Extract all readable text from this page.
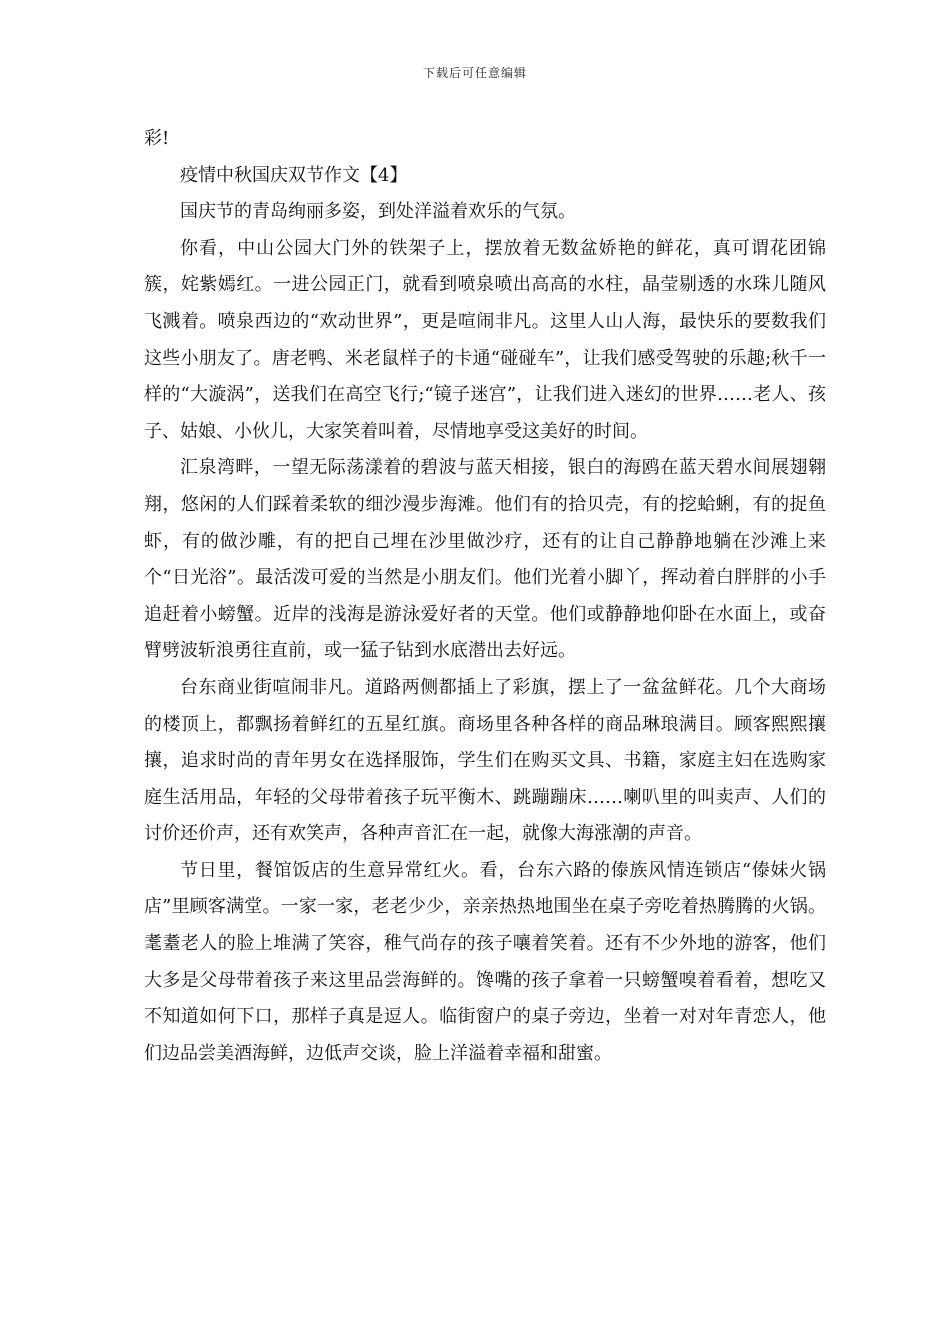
下载后可任意编辑

彩!

疫情中秋国庆双节作文【4】

国庆节的青岛绚丽多姿，到处洋溢着欢乐的气氛。

你看，中山公园大门外的铁架子上，摆放着无数盆娇艳的鲜花，真可谓花团锦簇，姹紫嫣红。一进公园正门，就看到喷泉喷出高高的水柱，晶莹剔透的水珠儿随风飞溅着。喷泉西边的“欢动世界”，更是喧闹非凡。这里人山人海，最快乐的要数我们这些小朋友了。唐老鸭、米老鼠样子的卡通“碰碰车”，让我们感受驾驶的乐趣;秋千一样的“大漩涡”，送我们在高空飞行;“镜子迷宫”，让我们进入迷幻的世界……老人、孩子、姑娘、小伙儿，大家笑着叫着，尽情地享受这美好的时间。

汇泉湾畔，一望无际荡漾着的碧波与蓝天相接，银白的海鸥在蓝天碧水间展翅翱翔，悠闲的人们踩着柔软的细沙漫步海滩。他们有的拾贝壳，有的挖蛤蜊，有的捉鱼虾，有的做沙雕，有的把自己埋在沙里做沙疗，还有的让自己静静地躺在沙滩上来个“日光浴”。最活泼可爱的当然是小朋友们。他们光着小脚丫，挥动着白胖胖的小手追赶着小螃蟹。近岸的浅海是游泳爱好者的天堂。他们或静静地仰卧在水面上，或奋臂劈波斩浪勇往直前，或一猛子钻到水底潜出去好远。

台东商业街喧闹非凡。道路两侧都插上了彩旗，摆上了一盆盆鲜花。几个大商场的楼顶上，都飘扬着鲜红的五星红旗。商场里各种各样的商品琳琅满目。顾客熙熙攘攘，追求时尚的青年男女在选择服饰，学生们在购买文具、书籍，家庭主妇在选购家庭生活用品，年轻的父母带着孩子玩平衡木、跳蹦蹦床……喇叭里的叫卖声、人们的讨价还价声，还有欢笑声，各种声音汇在一起，就像大海涨潮的声音。

节日里，餐馆饭店的生意异常红火。看，台东六路的傣族风情连锁店“傣妹火锅店”里顾客满堂。一家一家，老老少少，亲亲热热地围坐在桌子旁吃着热腾腾的火锅。耄耋老人的脸上堆满了笑容，稚气尚存的孩子嚷着笑着。还有不少外地的游客，他们大多是父母带着孩子来这里品尝海鲜的。馋嘴的孩子拿着一只螃蟹嗅着看着，想吃又不知道如何下口，那样子真是逗人。临街窗户的桌子旁边，坐着一对对年青恋人，他们边品尝美酒海鲜，边低声交谈，脸上洋溢着幸福和甜蜜。
